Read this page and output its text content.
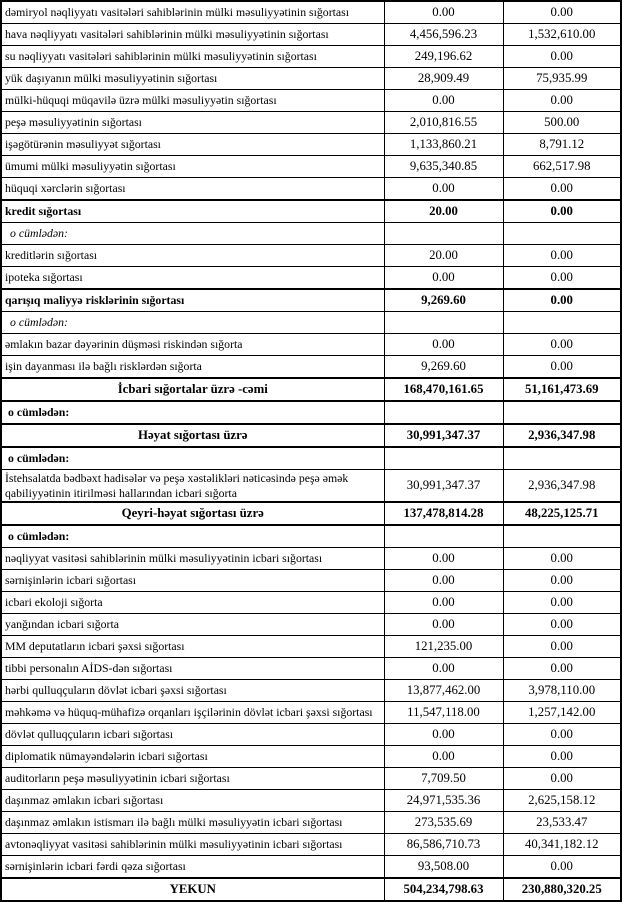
dəmiryol nəqliyyatı vasitələri sahiblərinin mülki məsuliyyətinin sığortası	0.00	0.00
hava nəqliyyatı vasitələri sahiblərinin mülki məsuliyyətinin sığortası	4,456,596.23	1,532,610.00
su nəqliyyatı vasitələri sahiblərinin mülki məsuliyyətinin sığortası	249,196.62	0.00
yük daşıyanın mülki məsuliyyətinin sığortası	28,909.49	75,935.99
mülki-hüquqi müqavilə üzrə mülki məsuliyyətin sığortası	0.00	0.00
peşə məsuliyyətinin sığortası	2,010,816.55	500.00
işəgötürənin məsuliyyət sığortası	1,133,860.21	8,791.12
ümumi mülki məsuliyyətin sığortası	9,635,340.85	662,517.98
hüquqi xərclərin sığortası	0.00	0.00
kredit sığortası	20.00	0.00
o cümlədən:		
kreditlərin sığortası	20.00	0.00
ipoteka sığortası	0.00	0.00
qarışıq maliyyə risklərinin sığortası	9,269.60	0.00
o cümlədən:		
əmlakın bazar dəyərinin düşməsi riskindən sığorta	0.00	0.00
işin dayanması ilə bağlı risklərdən sığorta	9,269.60	0.00
İcbari sığortalar üzrə -cəmi	168,470,161.65	51,161,473.69
o cümlədən:		
Həyat sığortası üzrə	30,991,347.37	2,936,347.98
o cümlədən:		
İstehsalatda bədbəxt hadisələr və peşə xəstəlikləri nəticəsində peşə əmək qabiliyyətinin itirilməsi hallarından icbari sığorta	30,991,347.37	2,936,347.98
Qeyri-həyat sığortası üzrə	137,478,814.28	48,225,125.71
o cümlədən:		
nəqliyyat vasitəsi sahiblərinin mülki məsuliyyətinin icbari sığortası	0.00	0.00
sərnişinlərin icbari sığortası	0.00	0.00
icbari ekoloji sığorta	0.00	0.00
yanğından icbari sığorta	0.00	0.00
MM deputatların icbari şəxsi sığortası	121,235.00	0.00
tibbi personalın AİDS-dən sığortası	0.00	0.00
hərbi qulluqçuların dövlət icbari şəxsi sığortası	13,877,462.00	3,978,110.00
məhkəmə və hüquq-mühafizə orqanları işçilərinin dövlət icbari şəxsi sığortası	11,547,118.00	1,257,142.00
dövlət qulluqçuların icbari sığortası	0.00	0.00
diplomatik nümayəndələrin icbari sığortası	0.00	0.00
auditorların peşə məsuliyyətinin icbari sığortası	7,709.50	0.00
daşınmaz əmlakın icbari sığortası	24,971,535.36	2,625,158.12
daşınmaz əmlakın istismarı ilə bağlı mülki məsuliyyətin icbari sığortası	273,535.69	23,533.47
avtonəqliyyat vasitəsi sahiblərinin mülki məsuliyyətinin icbari sığortası	86,586,710.73	40,341,182.12
sərnişinlərin icbari fərdi qəza sığortası	93,508.00	0.00
YEKUN	504,234,798.63	230,880,320.25
